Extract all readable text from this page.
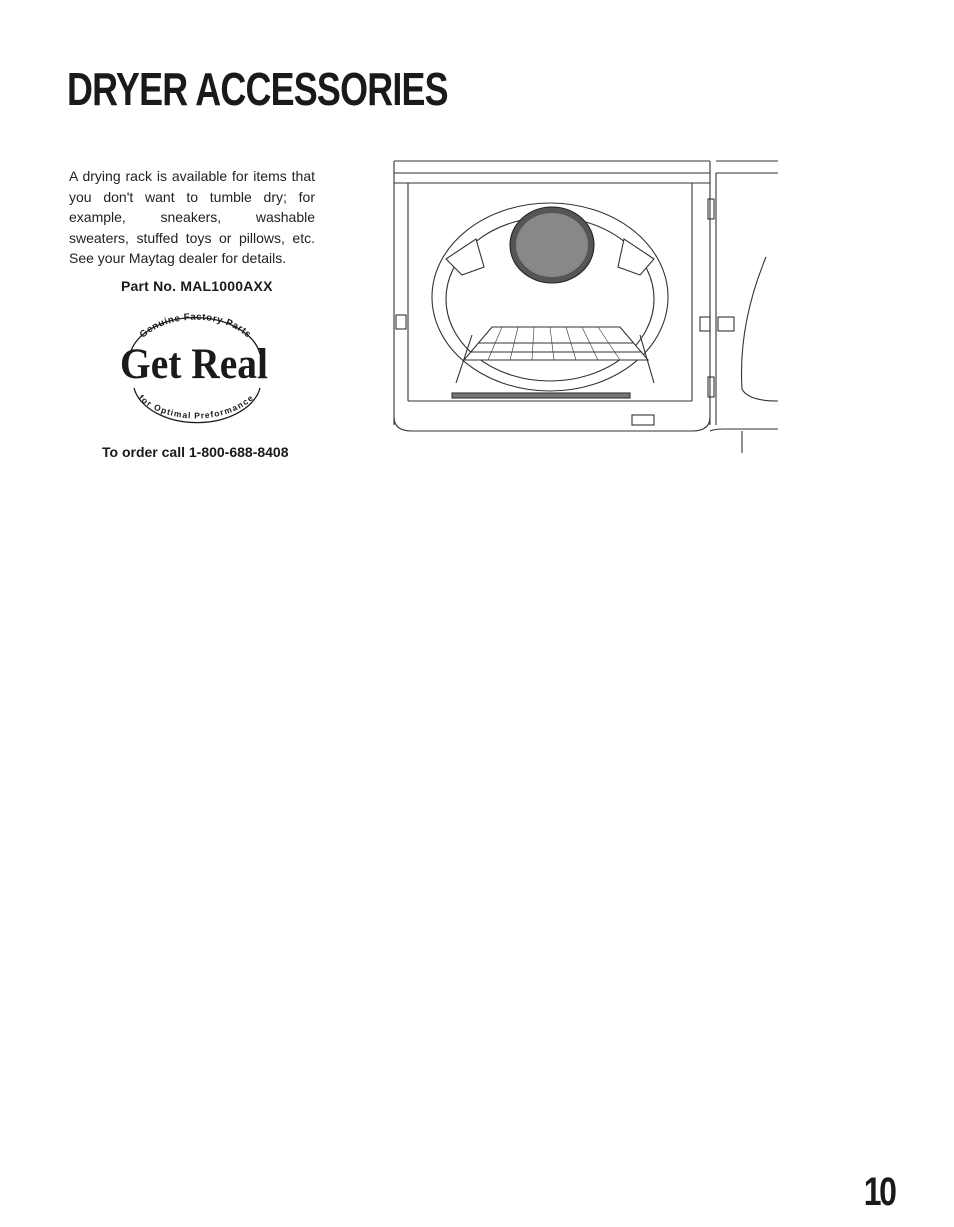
DRYER ACCESSORIES
A drying rack is available for items that you don't want to tumble dry; for example, sneakers, washable sweaters, stuffed toys or pillows, etc. See your Maytag dealer for details.
Part No. MAL1000AXX
Genuine Factory Parts
Get Real
for Optimal Preformance
To order call 1-800-688-8408
10
